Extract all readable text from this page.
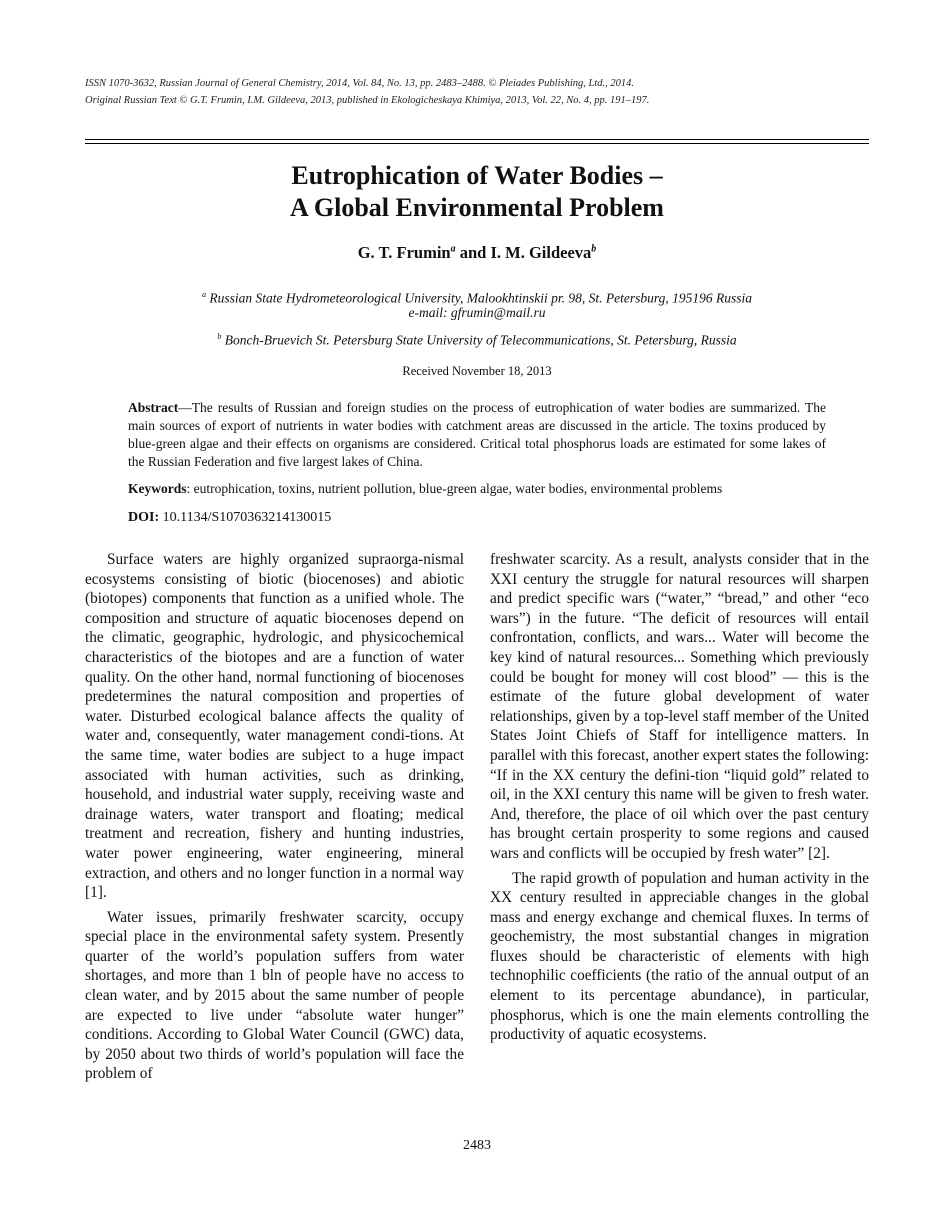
ISSN 1070-3632, Russian Journal of General Chemistry, 2014, Vol. 84, No. 13, pp. 2483–2488. © Pleiades Publishing, Ltd., 2014.
Original Russian Text © G.T. Frumin, I.M. Gildeeva, 2013, published in Ekologicheskaya Khimiya, 2013, Vol. 22, No. 4, pp. 191–197.
Eutrophication of Water Bodies –
A Global Environmental Problem
G. T. Frumin$^a$ and I. M. Gildeeva$^b$
$^a$ Russian State Hydrometeorological University, Malookhtinskii pr. 98, St. Petersburg, 195196 Russia
e-mail: gfrumin@mail.ru
$^b$ Bonch-Bruevich St. Petersburg State University of Telecommunications, St. Petersburg, Russia
Received November 18, 2013
Abstract—The results of Russian and foreign studies on the process of eutrophication of water bodies are summarized. The main sources of export of nutrients in water bodies with catchment areas are discussed in the article. The toxins produced by blue-green algae and their effects on organisms are considered. Critical total phosphorus loads are estimated for some lakes of the Russian Federation and five largest lakes of China.
Keywords: eutrophication, toxins, nutrient pollution, blue-green algae, water bodies, environmental problems
DOI: 10.1134/S1070363214130015

Surface waters are highly organized supraorga-nismal ecosystems consisting of biotic (biocenoses) and abiotic (biotopes) components that function as a unified whole. The composition and structure of aquatic biocenoses depend on the climatic, geographic, hydrologic, and physicochemical characteristics of the biotopes and are a function of water quality. On the other hand, normal functioning of biocenoses predetermines the natural composition and properties of water. Disturbed ecological balance affects the quality of water and, consequently, water management condi-tions. At the same time, water bodies are subject to a huge impact associated with human activities, such as drinking, household, and industrial water supply, receiving waste and drainage waters, water transport and floating; medical treatment and recreation, fishery and hunting industries, water power engineering, water engineering, mineral extraction, and others and no longer function in a normal way [1].

Water issues, primarily freshwater scarcity, occupy special place in the environmental safety system. Presently quarter of the world’s population suffers from water shortages, and more than 1 bln of people have no access to clean water, and by 2015 about the same number of people are expected to live under “absolute water hunger” conditions. According to Global Water Council (GWC) data, by 2050 about two thirds of world’s population will face the problem of

freshwater scarcity. As a result, analysts consider that in the XXI century the struggle for natural resources will sharpen and predict specific wars (“water,” “bread,” and other “eco wars”) in the future. “The deficit of resources will entail confrontation, conflicts, and wars... Water will become the key kind of natural resources... Something which previously could be bought for money will cost blood” — this is the estimate of the future global development of water relationships, given by a top-level staff member of the United States Joint Chiefs of Staff for intelligence matters. In parallel with this forecast, another expert states the following: “If in the XX century the defini-tion “liquid gold” related to oil, in the XXI century this name will be given to fresh water. And, therefore, the place of oil which over the past century has brought certain prosperity to some regions and caused wars and conflicts will be occupied by fresh water” [2].

The rapid growth of population and human activity in the XX century resulted in appreciable changes in the global mass and energy exchange and chemical fluxes. In terms of geochemistry, the most substantial changes in migration fluxes should be characteristic of elements with high technophilic coefficients (the ratio of the annual output of an element to its percentage abundance), in particular, phosphorus, which is one the main elements controlling the productivity of aquatic ecosystems.

2483
